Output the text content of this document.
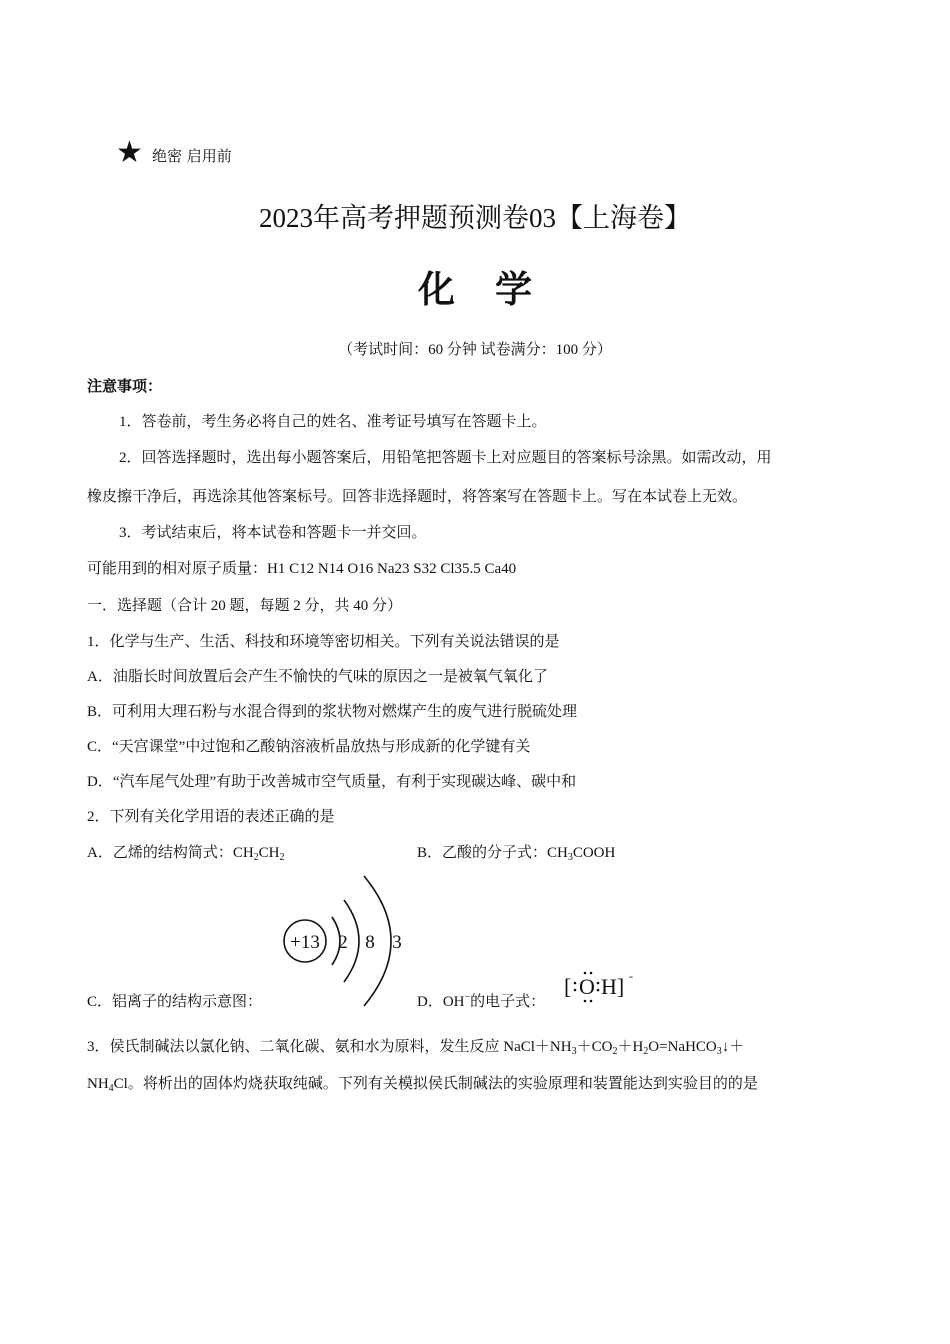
★ 绝密 启用前
2023年高考押题预测卷03【上海卷】
化学
（考试时间：60 分钟 试卷满分：100 分）
注意事项：
1．答卷前，考生务必将自己的姓名、准考证号填写在答题卡上。
2．回答选择题时，选出每小题答案后，用铅笔把答题卡上对应题目的答案标号涂黑。如需改动，用
橡皮擦干净后，再选涂其他答案标号。回答非选择题时，将答案写在答题卡上。写在本试卷上无效。
3．考试结束后，将本试卷和答题卡一并交回。
可能用到的相对原子质量：H1 C12 N14 O16 Na23 S32 Cl35.5 Ca40
一．选择题（合计 20 题，每题 2 分，共 40 分）
1．化学与生产、生活、科技和环境等密切相关。下列有关说法错误的是
A．油脂长时间放置后会产生不愉快的气味的原因之一是被氧气氧化了
B．可利用大理石粉与水混合得到的浆状物对燃煤产生的废气进行脱硫处理
C．“天宫课堂”中过饱和乙酸钠溶液析晶放热与形成新的化学键有关
D．“汽车尾气处理”有助于改善城市空气质量，有利于实现碳达峰、碳中和
2．下列有关化学用语的表述正确的是
A．乙烯的结构简式：$CH_2CH_2$	B．乙酸的分子式：$CH_3COOH$
+13 2 8 3
C．铝离子的结构示意图：	D．OH−的电子式：
[ O H] -
3．侯氏制碱法以氯化钠、二氧化碳、氨和水为原料，发生反应 $NaCl+NH_3+CO_2+H_2O=NaHCO_3↓+$
$NH_4Cl$。将析出的固体灼烧获取纯碱。下列有关模拟侯氏制碱法的实验原理和装置能达到实验目的的是
